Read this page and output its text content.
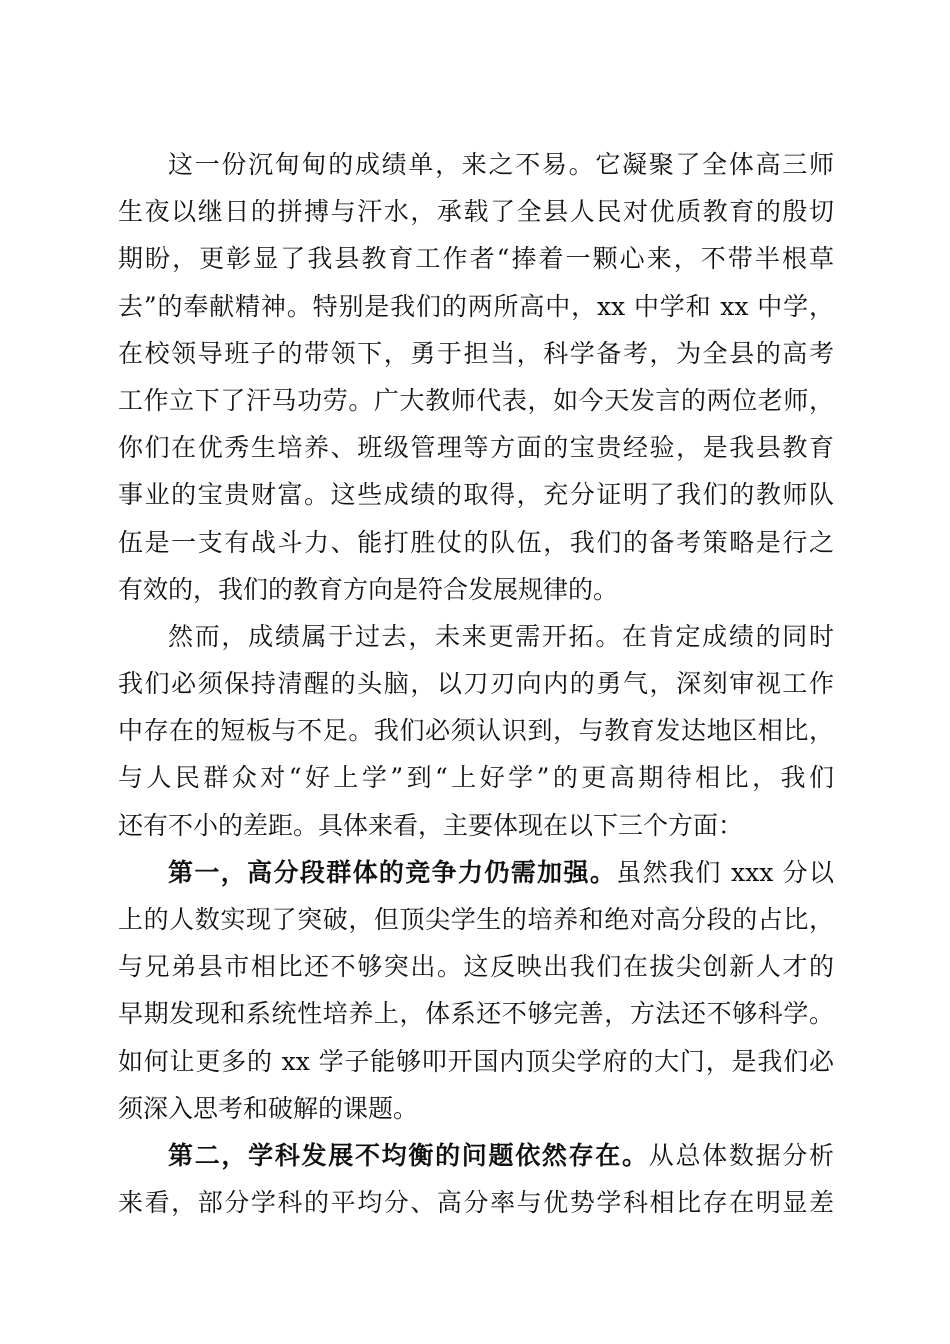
这一份沉甸甸的成绩单，来之不易。它凝聚了全体高三师
生夜以继日的拼搏与汗水，承载了全县人民对优质教育的殷切
期盼，更彰显了我县教育工作者“捧着一颗心来，不带半根草
去”的奉献精神。特别是我们的两所高中，xx 中学和 xx 中学，
在校领导班子的带领下，勇于担当，科学备考，为全县的高考
工作立下了汗马功劳。广大教师代表，如今天发言的两位老师，
你们在优秀生培养、班级管理等方面的宝贵经验，是我县教育
事业的宝贵财富。这些成绩的取得，充分证明了我们的教师队
伍是一支有战斗力、能打胜仗的队伍，我们的备考策略是行之
有效的，我们的教育方向是符合发展规律的。
然而，成绩属于过去，未来更需开拓。在肯定成绩的同时
我们必须保持清醒的头脑，以刀刃向内的勇气，深刻审视工作
中存在的短板与不足。我们必须认识到，与教育发达地区相比，
与人民群众对“好上学”到“上好学”的更高期待相比，我们
还有不小的差距。具体来看，主要体现在以下三个方面：
第一，高分段群体的竞争力仍需加强。虽然我们 xxx 分以
上的人数实现了突破，但顶尖学生的培养和绝对高分段的占比，
与兄弟县市相比还不够突出。这反映出我们在拔尖创新人才的
早期发现和系统性培养上，体系还不够完善，方法还不够科学。
如何让更多的 xx 学子能够叩开国内顶尖学府的大门，是我们必
须深入思考和破解的课题。
第二，学科发展不均衡的问题依然存在。从总体数据分析
来看，部分学科的平均分、高分率与优势学科相比存在明显差
